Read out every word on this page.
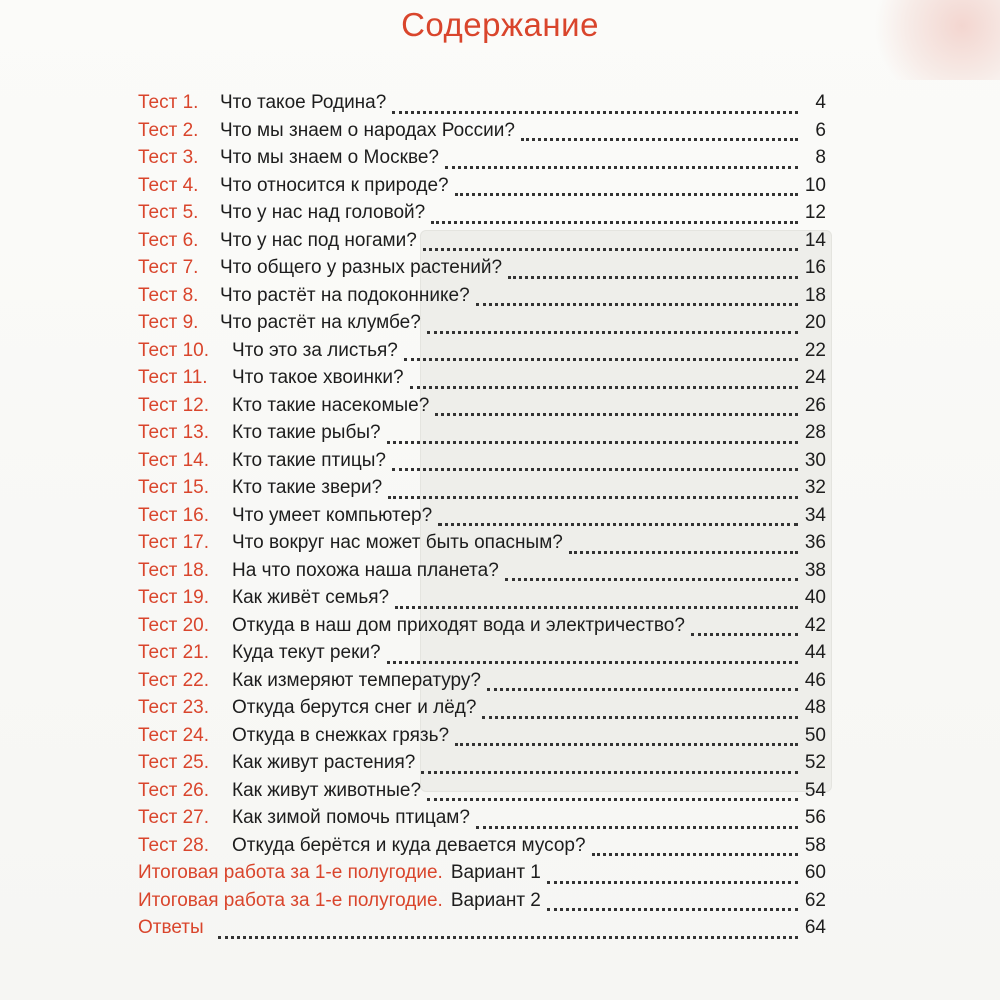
Содержание
Тест 1.	Что такое Родина?	4
Тест 2.	Что мы знаем о народах России?	6
Тест 3.	Что мы знаем о Москве?	8
Тест 4.	Что относится к природе?	10
Тест 5.	Что у нас над головой?	12
Тест 6.	Что у нас под ногами?	14
Тест 7.	Что общего у разных растений?	16
Тест 8.	Что растёт на подоконнике?	18
Тест 9.	Что растёт на клумбе?	20
Тест 10.	Что это за листья?	22
Тест 11.	Что такое хвоинки?	24
Тест 12.	Кто такие насекомые?	26
Тест 13.	Кто такие рыбы?	28
Тест 14.	Кто такие птицы?	30
Тест 15.	Кто такие звери?	32
Тест 16.	Что умеет компьютер?	34
Тест 17.	Что вокруг нас может быть опасным?	36
Тест 18.	На что похожа наша планета?	38
Тест 19.	Как живёт семья?	40
Тест 20.	Откуда в наш дом приходят вода и электричество?	42
Тест 21.	Куда текут реки?	44
Тест 22.	Как измеряют температуру?	46
Тест 23.	Откуда берутся снег и лёд?	48
Тест 24.	Откуда в снежках грязь?	50
Тест 25.	Как живут растения?	52
Тест 26.	Как живут животные?	54
Тест 27.	Как зимой помочь птицам?	56
Тест 28.	Откуда берётся и куда девается мусор?	58
Итоговая работа за 1-е полугодие. Вариант 1	60
Итоговая работа за 1-е полугодие. Вариант 2	62
Ответы	64
